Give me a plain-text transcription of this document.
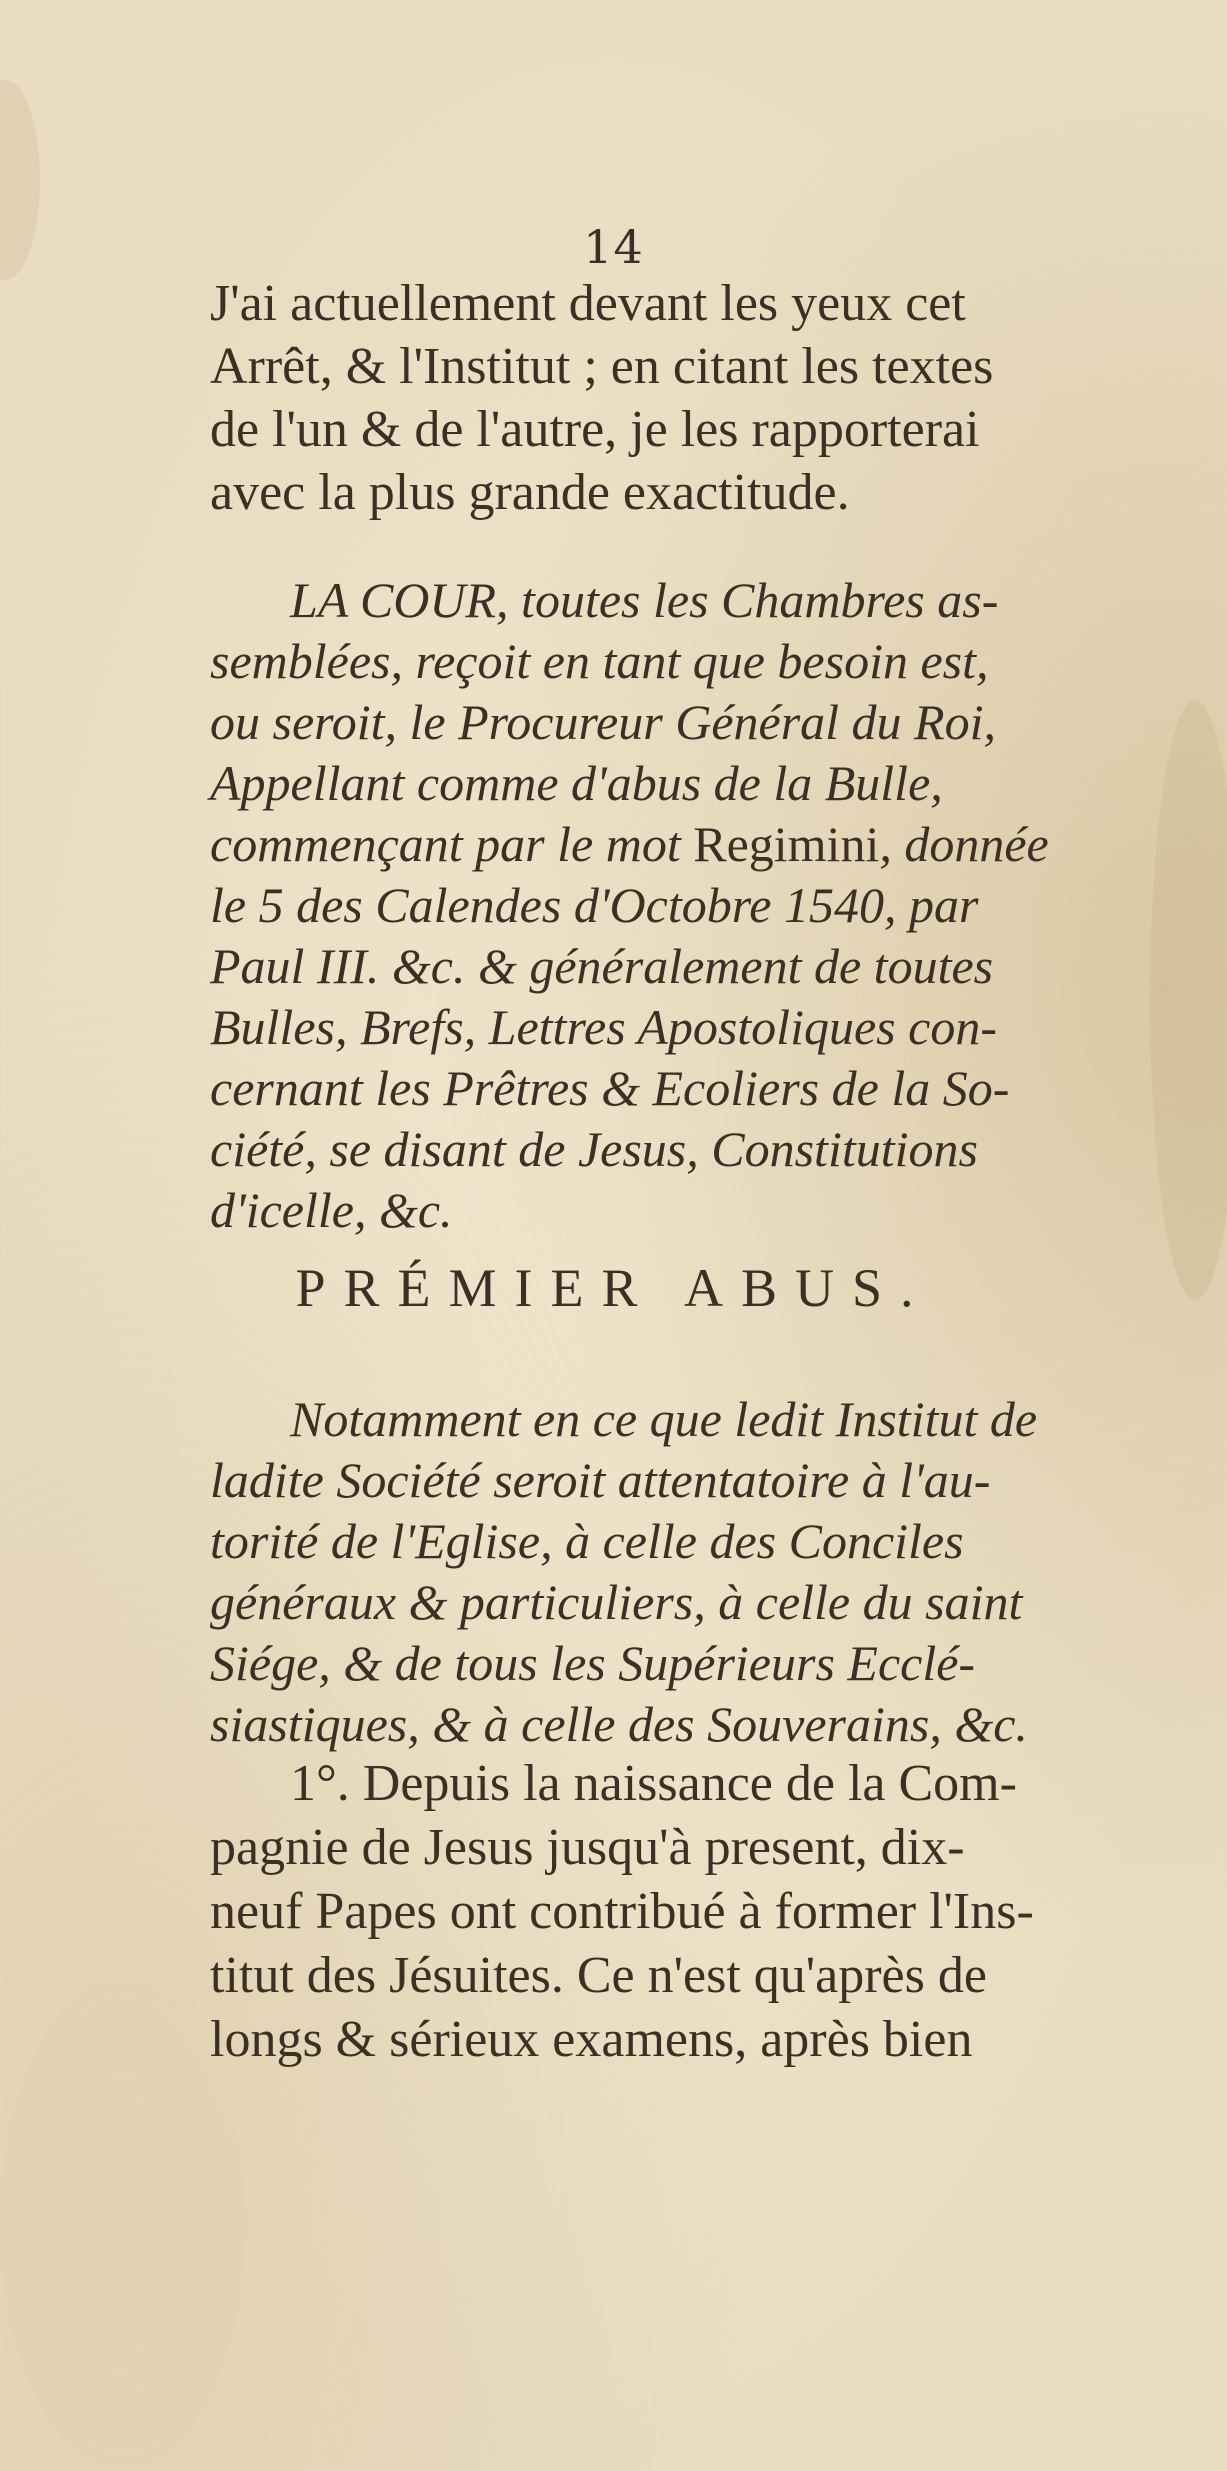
14
J'ai actuellement devant les yeux cet
Arrêt, & l'Institut ; en citant les textes
de l'un & de l'autre, je les rapporterai
avec la plus grande exactitude.
LA COUR, toutes les Chambres as-
semblées, reçoit en tant que besoin est,
ou seroit, le Procureur Général du Roi,
Appellant comme d'abus de la Bulle,
commençant par le mot Regimini, donnée
le 5 des Calendes d'Octobre 1540, par
Paul III. &c. & généralement de toutes
Bulles, Brefs, Lettres Apostoliques con-
cernant les Prêtres & Ecoliers de la So-
ciété, se disant de Jesus, Constitutions
d'icelle, &c.
PRÉMIER ABUS.
Notamment en ce que ledit Institut de
ladite Société seroit attentatoire à l'au-
torité de l'Eglise, à celle des Conciles
généraux & particuliers, à celle du saint
Siége, & de tous les Supérieurs Ecclé-
siastiques, & à celle des Souverains, &c.
1°. Depuis la naissance de la Com-
pagnie de Jesus jusqu'à present, dix-
neuf Papes ont contribué à former l'Ins-
titut des Jésuites. Ce n'est qu'après de
longs & sérieux examens, après bien
